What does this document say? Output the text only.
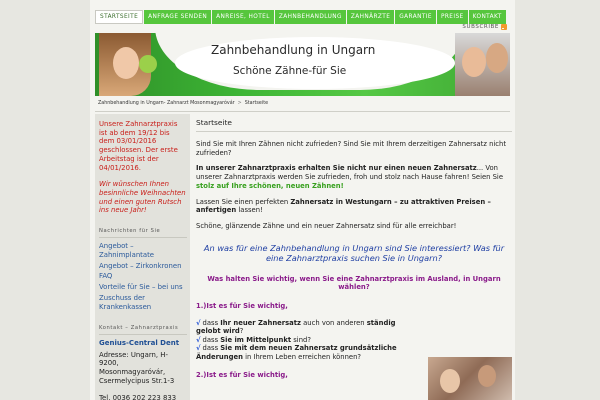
STARTSEITE	ANFRAGE SENDEN	ANREISE, HOTEL	ZAHNBEHANDLUNG	ZAHNÄRZTE	GARANTIE	PREISE	KONTAKT
SUBSCRIBE
Zahnbehandlung in Ungarn
Schöne Zähne-für Sie
Zahnbehandlung in Ungarn- Zahnarzt Mosonmagyaróvár > Startseite
Unsere Zahnarztpraxis ist ab dem 19/12 bis dem 03/01/2016 geschlossen. Der erste Arbeitstag ist der 04/01/2016.
Wir wünschen Ihnen besinnliche Weihnachten und einen guten Rutsch ins neue Jahr!
Nachrichten für Sie
Angebot – Zahnimplantate
Angebot – Zirkonkronen
FAQ
Vorteile für Sie – bei uns
Zuschuss der Krankenkassen
Kontakt – Zahnarztpraxis
Genius-Central Dent
Adresse: Ungarn, H-9200, Mosonmagyaróvár, Csermelycipus Str.1-3
Tel. 0036 202 223 833
Startseite

Sind Sie mit Ihren Zähnen nicht zufrieden? Sind Sie mit Ihrem derzeitigen Zahnersatz nicht zufrieden?

In unserer Zahnarztpraxis erhalten Sie nicht nur einen neuen Zahnersatz... Von unserer Zahnarztpraxis werden Sie zufrieden, froh und stolz nach Hause fahren! Seien Sie stolz auf Ihre schönen, neuen Zähnen!

Lassen Sie einen perfekten Zahnersatz in Westungarn – zu attraktiven Preisen – anfertigen lassen!

Schöne, glänzende Zähne und ein neuer Zahnersatz sind für alle erreichbar!

An was für eine Zahnbehandlung in Ungarn sind Sie interessiert? Was für eine Zahnarztpraxis suchen Sie in Ungarn?
Was halten Sie wichtig, wenn Sie eine Zahnarztpraxis im Ausland, in Ungarn wählen?
1.)Ist es für Sie wichtig,
√ dass Ihr neuer Zahnersatz auch von anderen ständig gelobt wird?
√ dass Sie im Mittelpunkt sind?
√ dass Sie mit dem neuen Zahnersatz grundsätzliche Änderungen in Ihrem Leben erreichen können?
2.)Ist es für Sie wichtig,
